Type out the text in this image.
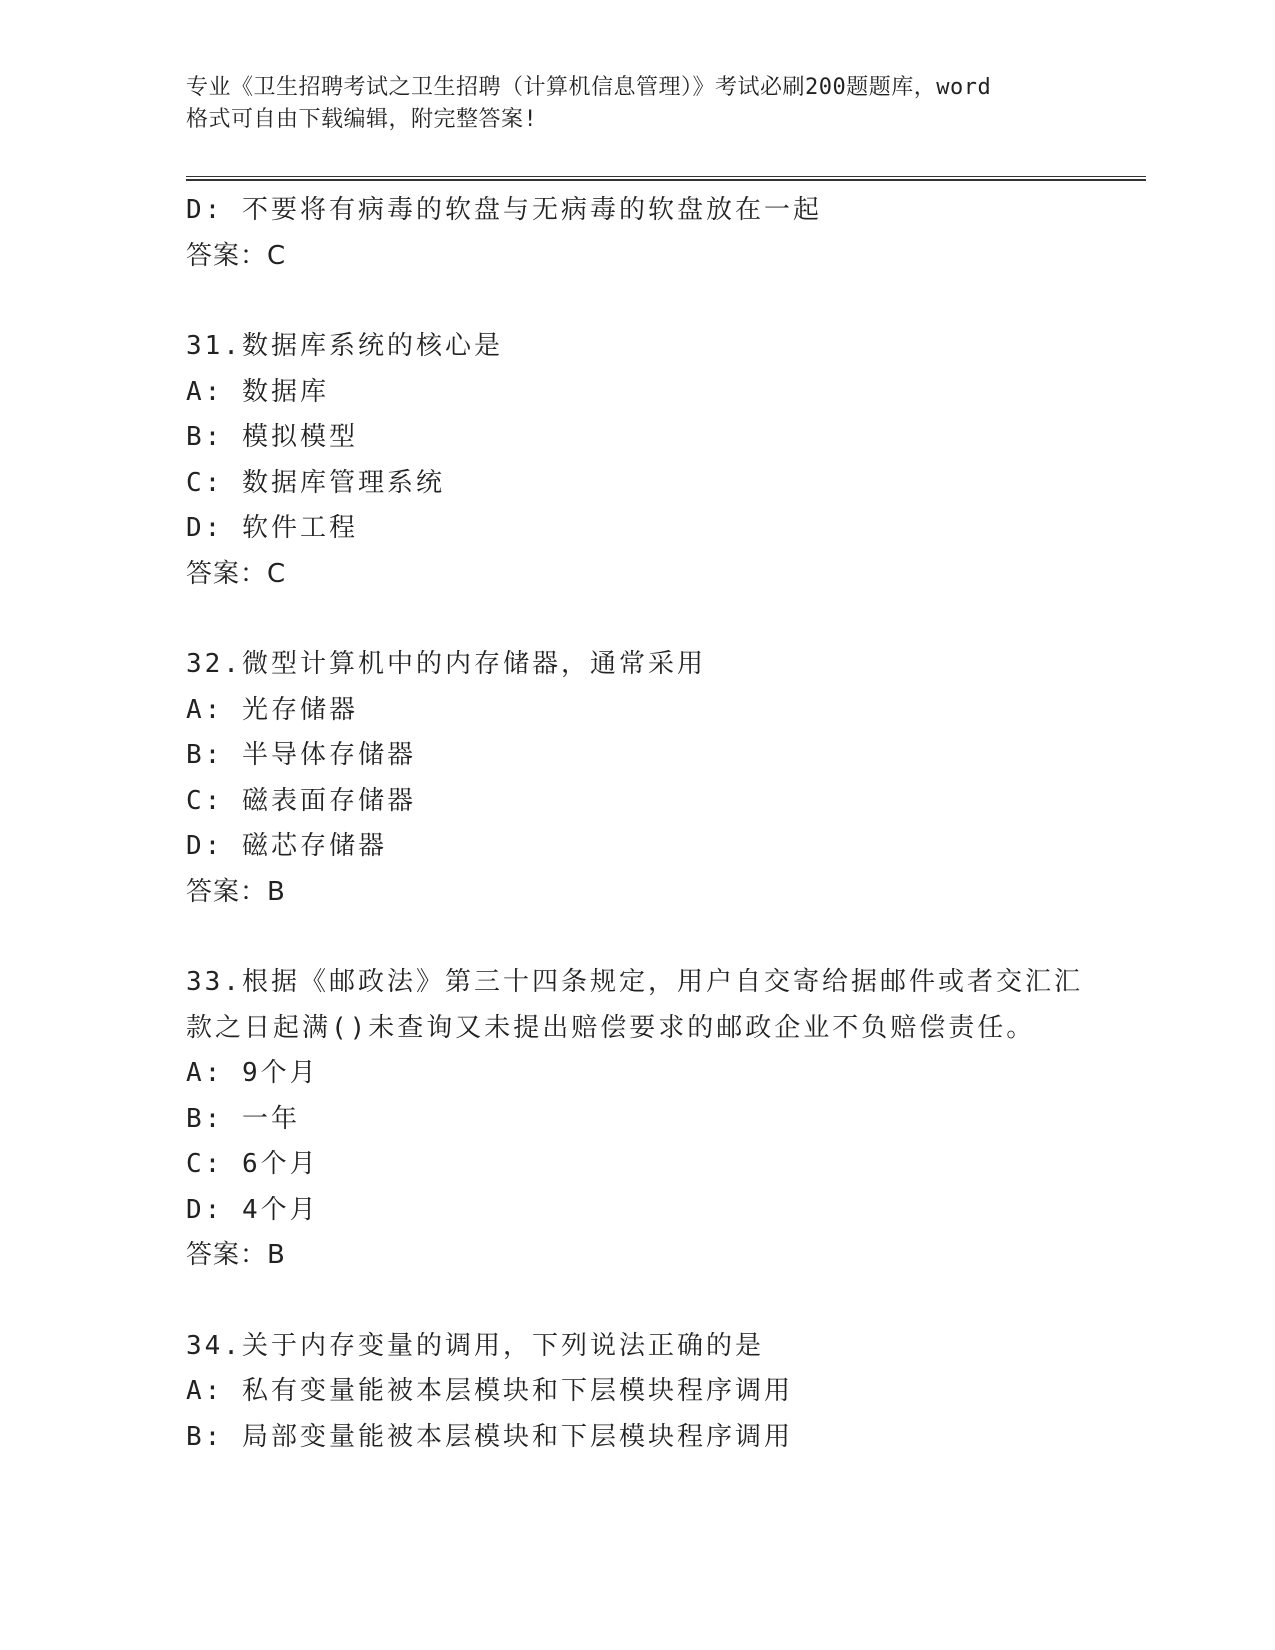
专业《卫生招聘考试之卫生招聘（计算机信息管理）》考试必刷200题题库，word
格式可自由下载编辑，附完整答案!
D: 不要将有病毒的软盘与无病毒的软盘放在一起
答案：C
31.数据库系统的核心是
A: 数据库
B: 模拟模型
C: 数据库管理系统
D: 软件工程
答案：C
32.微型计算机中的内存储器，通常采用
A: 光存储器
B: 半导体存储器
C: 磁表面存储器
D: 磁芯存储器
答案：B
33.根据《邮政法》第三十四条规定，用户自交寄给据邮件或者交汇汇
款之日起满()未查询又未提出赔偿要求的邮政企业不负赔偿责任。
A: 9个月
B: 一年
C: 6个月
D: 4个月
答案：B
34.关于内存变量的调用，下列说法正确的是
A: 私有变量能被本层模块和下层模块程序调用
B: 局部变量能被本层模块和下层模块程序调用
